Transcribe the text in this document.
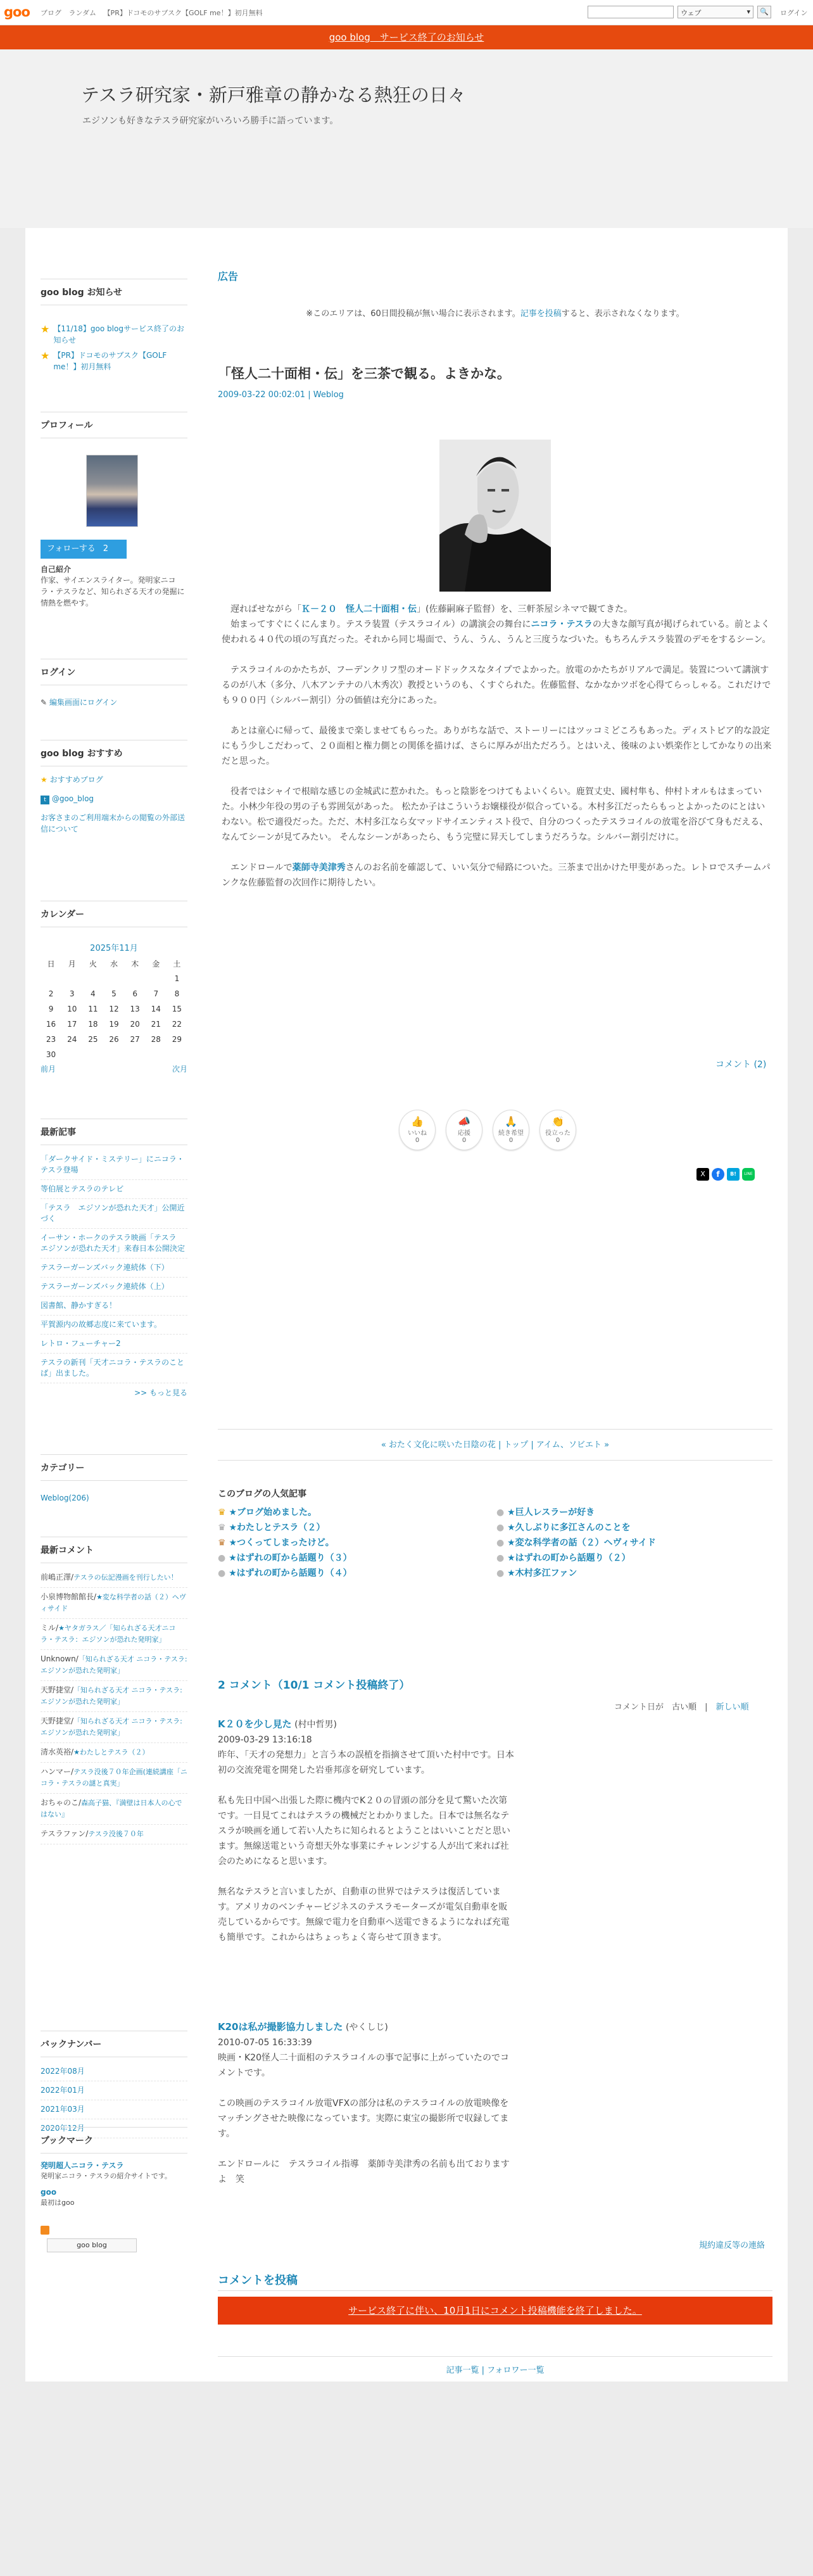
goo ブログ ランダム 【PR】ドコモのサブスク【GOLF me！】初月無料	ウェブ	▾	🔍	ログイン
goo blog　サービス終了のお知らせ
テスラ研究家・新戸雅章の静かなる熱狂の日々
エジソンも好きなテスラ研究家がいろいろ勝手に語っています。
goo blog お知らせ
★ 【11/18】goo blogサービス終了のお知らせ
★ 【PR】ドコモのサブスク【GOLF me！】初月無料
プロフィール
フォローする 2
自己紹介
作家、サイエンスライター。発明家ニコラ・テスラなど、知られざる天才の発掘に情熱を燃やす。
ログイン
✎ 編集画面にログイン
goo blog おすすめ
★ おすすめブログ
t @goo_blog
お客さまのご利用端末からの閲覧の外部送信について
カレンダー
2025年11月
日	月	火	水	木	金	土
						1
2	3	4	5	6	7	8
9	10	11	12	13	14	15
16	17	18	19	20	21	22
23	24	25	26	27	28	29
30						
前月	次月
最新記事
「ダークサイド・ミステリー」にニコラ・テスラ登場
等伯展とテスラのテレビ
「テスラ　エジソンが恐れた天才」公開近づく
イーサン・ホークのテスラ映画「テスラ　エジソンが恐れた天才」来春日本公開決定
テスラーガーンズバック連続体（下）
テスラーガーンズバック連続体（上）
図書館、静かすぎる！
平賀源内の故郷志度に来ています。
レトロ・フューチャー2
テスラの新刊「天才ニコラ・テスラのことば」出ました。
>> もっと見る
カテゴリー
Weblog(206)
最新コメント
前嶋正澤/テスラの伝記漫画を刊行したい！
小泉博物館館長/★変な科学者の話（２）ヘヴィサイド
ミル/★ヤタガラス／「知られざる天才ニコラ・テスラ：エジソンが恐れた発明家」
Unknown/「知られざる天才 ニコラ・テスラ: エジソンが恐れた発明家」
天野捷堂/「知られざる天才 ニコラ・テスラ: エジソンが恐れた発明家」
天野捷堂/「知られざる天才 ニコラ・テスラ: エジソンが恐れた発明家」
清水英裕/★わたしとテスラ（２）
ハンマー/テスラ没後７０年企画(連続講座「ニコラ・テスラの謎と真実」
おちゃのこ/森高子猫、『満壁は日本人の心ではない』
テスラファン/テスラ没後７０年
バックナンバー
2022年08月
2022年01月
2021年03月
2020年12月
ブックマーク
発明超人ニコラ・テスラ
発明家ニコラ・テスラの紹介サイトです。
goo
最初はgoo
goo blog
広告
※このエリアは、60日間投稿が無い場合に表示されます。記事を投稿すると、表示されなくなります。
「怪人二十面相・伝」を三茶で観る。よきかな。
2009-03-22 00:02:01 | Weblog

　遅ればせながら「Ｋ－２０　怪人二十面相・伝」(佐藤嗣麻子監督）を、三軒茶屋シネマで観てきた。
　始まってすぐにくにんまり。テスラ装置（テスラコイル）の講演会の舞台にニコラ・テスラの大きな顔写真が掲げられている。前とよく使われる４０代の頃の写真だった。それから同じ場面で、うん、うん、うんと三度うなづいた。もちろんテスラ装置のデモをするシーン。

　テスラコイルのかたちが、フーデンクリフ型のオードドックスなタイプでよかった。放電のかたちがリアルで満足。装置について講演するのが八木（多分、八木アンテナの八木秀次）教授というのも、くすぐられた。佐藤監督、なかなかツボを心得てらっしゃる。これだけでも９００円（シルバー割引）分の価値は充分にあった。

　あとは童心に帰って、最後まで楽しませてもらった。ありがちな話で、ストーリーにはツッコミどころもあった。ディストピア的な設定にもう少しこだわって、２０面相と権力側との関係を描けば、さらに厚みが出ただろう。とはいえ、後味のよい娯楽作としてかなりの出来だと思った。

　役者ではシャイで根暗な感じの金城武に惹かれた。もっと陰影をつけてもよいくらい。鹿賀丈史、國村隼も、仲村トオルもはまっていた。小林少年役の男の子も雰囲気があった。 松たか子はこういうお嬢様役が似合っている。木村多江だったらもっとよかったのにとはいわない。松で適役だった。ただ、木村多江なら女マッドサイエンティスト役で、自分のつくったテスラコイルの放電を浴びて身もだえる、なんてシーンが見てみたい。 そんなシーンがあったら、もう完璧に昇天してしまうだろうな。シルバー割引だけに。

　エンドロールで薬師寺美津秀さんのお名前を確認して、いい気分で帰路についた。三茶まで出かけた甲斐があった。レトロでスチームパンクな佐藤監督の次回作に期待したい。

コメント (2)
👍
いいね
0
📣
応援
0
🙏
続き希望
0
👏
役立った
0
X	f	B!	LINE
« おたく文化に咲いた日陰の花 | トップ | アイム、ソビエト »
このブログの人気記事
♛ ★ブログ始めました。
♛ ★わたしとテスラ（２）
♛ ★つくってしまったけど。
● ★はずれの町から話題り（３）
● ★はずれの町から話題り（４）
● ★巨人レスラーが好き
● ★久しぶりに多江さんのことを
● ★変な科学者の話（２）ヘヴィサイド
● ★はずれの町から話題り（２）
● ★木村多江ファン
2 コメント（10/1 コメント投稿終了）
コメント日が　 古い順　 |　 新しい順
K２０を少し見た (村中哲男)
2009-03-29 13:16:18
昨年、「天才の発想力」と言う本の誤植を指摘させて頂いた村中です。日本初の交流発電を開発した岩垂邦彦を研究しています。
私も先日中国へ出張した際に機内でK２０の冒頭の部分を見て驚いた次第です。一目見てこれはテスラの機械だとわかりました。日本では無名なテスラが映画を通して若い人たちに知られるとようことはいいことだと思います。無線送電という奇想天外な事業にチャレンジする人が出て来れば社会のためになると思います。
無名なテスラと言いましたが、自動車の世界ではテスラは復活しています。アメリカのベンチャービジネスのテスラモーターズが電気自動車を販売しているからです。無線で電力を自動車へ送電できるようになれば充電も簡単です。これからはちょっちょく寄らせて頂きます。
K20は私が撮影協力しました (やくしじ)
2010-07-05 16:33:39
映画・K20怪人二十面相のテスラコイルの事で記事に上がっていたのでコメントです。
この映画のテスラコイル放電VFXの部分は私のテスラコイルの放電映像をマッチングさせた映像になっています。実際に東宝の撮影所で収録してます。
エンドロールに　テスラコイル指導　薬師寺美津秀の名前も出ておりますよ　笑
規約違反等の連絡
コメントを投稿
サービス終了に伴い、10月1日にコメント投稿機能を終了しました。
記事一覧 | フォロワー一覧
